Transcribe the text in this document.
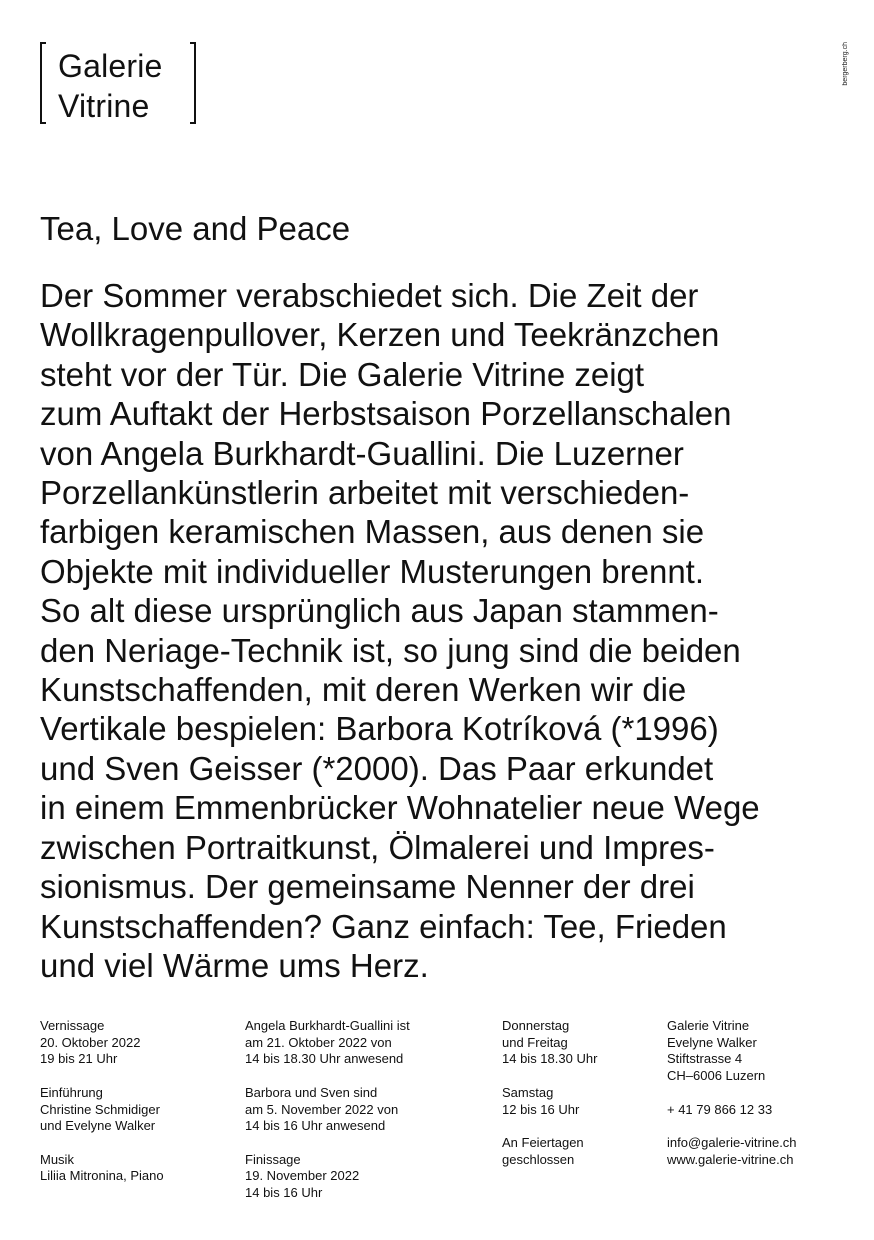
Galerie
Vitrine
bergerberg.ch
Tea, Love and Peace

Der Sommer verabschiedet sich. Die Zeit der
Wollkragenpullover, Kerzen und Teekränzchen
steht vor der Tür. Die Galerie Vitrine zeigt
zum Auftakt der Herbstsaison Porzellanschalen
von Angela Burkhardt-Guallini. Die Luzerner
Porzellankünstlerin arbeitet mit verschieden-
farbigen keramischen Massen, aus denen sie
Objekte mit individueller Musterungen brennt.
So alt diese ursprünglich aus Japan stammen-
den Neriage-Technik ist, so jung sind die beiden
Kunstschaffenden, mit deren Werken wir die
Vertikale bespielen: Barbora Kotríková (*1996)
und Sven Geisser (*2000). Das Paar erkundet
in einem Emmenbrücker Wohnatelier neue Wege
zwischen Portraitkunst, Ölmalerei und Impres-
sionismus. Der gemeinsame Nenner der drei
Kunstschaffenden? Ganz einfach: Tee, Frieden
und viel Wärme ums Herz.

Vernissage
20. Oktober 2022
19 bis 21 Uhr
Einführung
Christine Schmidiger
und Evelyne Walker
Musik
Liliia Mitronina, Piano
Angela Burkhardt-Guallini ist
am 21. Oktober 2022 von
14 bis 18.30 Uhr anwesend
Barbora und Sven sind
am 5. November 2022 von
14 bis 16 Uhr anwesend
Finissage
19. November 2022
14 bis 16 Uhr
Donnerstag
und Freitag
14 bis 18.30 Uhr
Samstag
12 bis 16 Uhr
An Feiertagen
geschlossen
Galerie Vitrine
Evelyne Walker
Stiftstrasse 4
CH–6006 Luzern
+ 41 79 866 12 33
info@galerie-vitrine.ch
www.galerie-vitrine.ch
